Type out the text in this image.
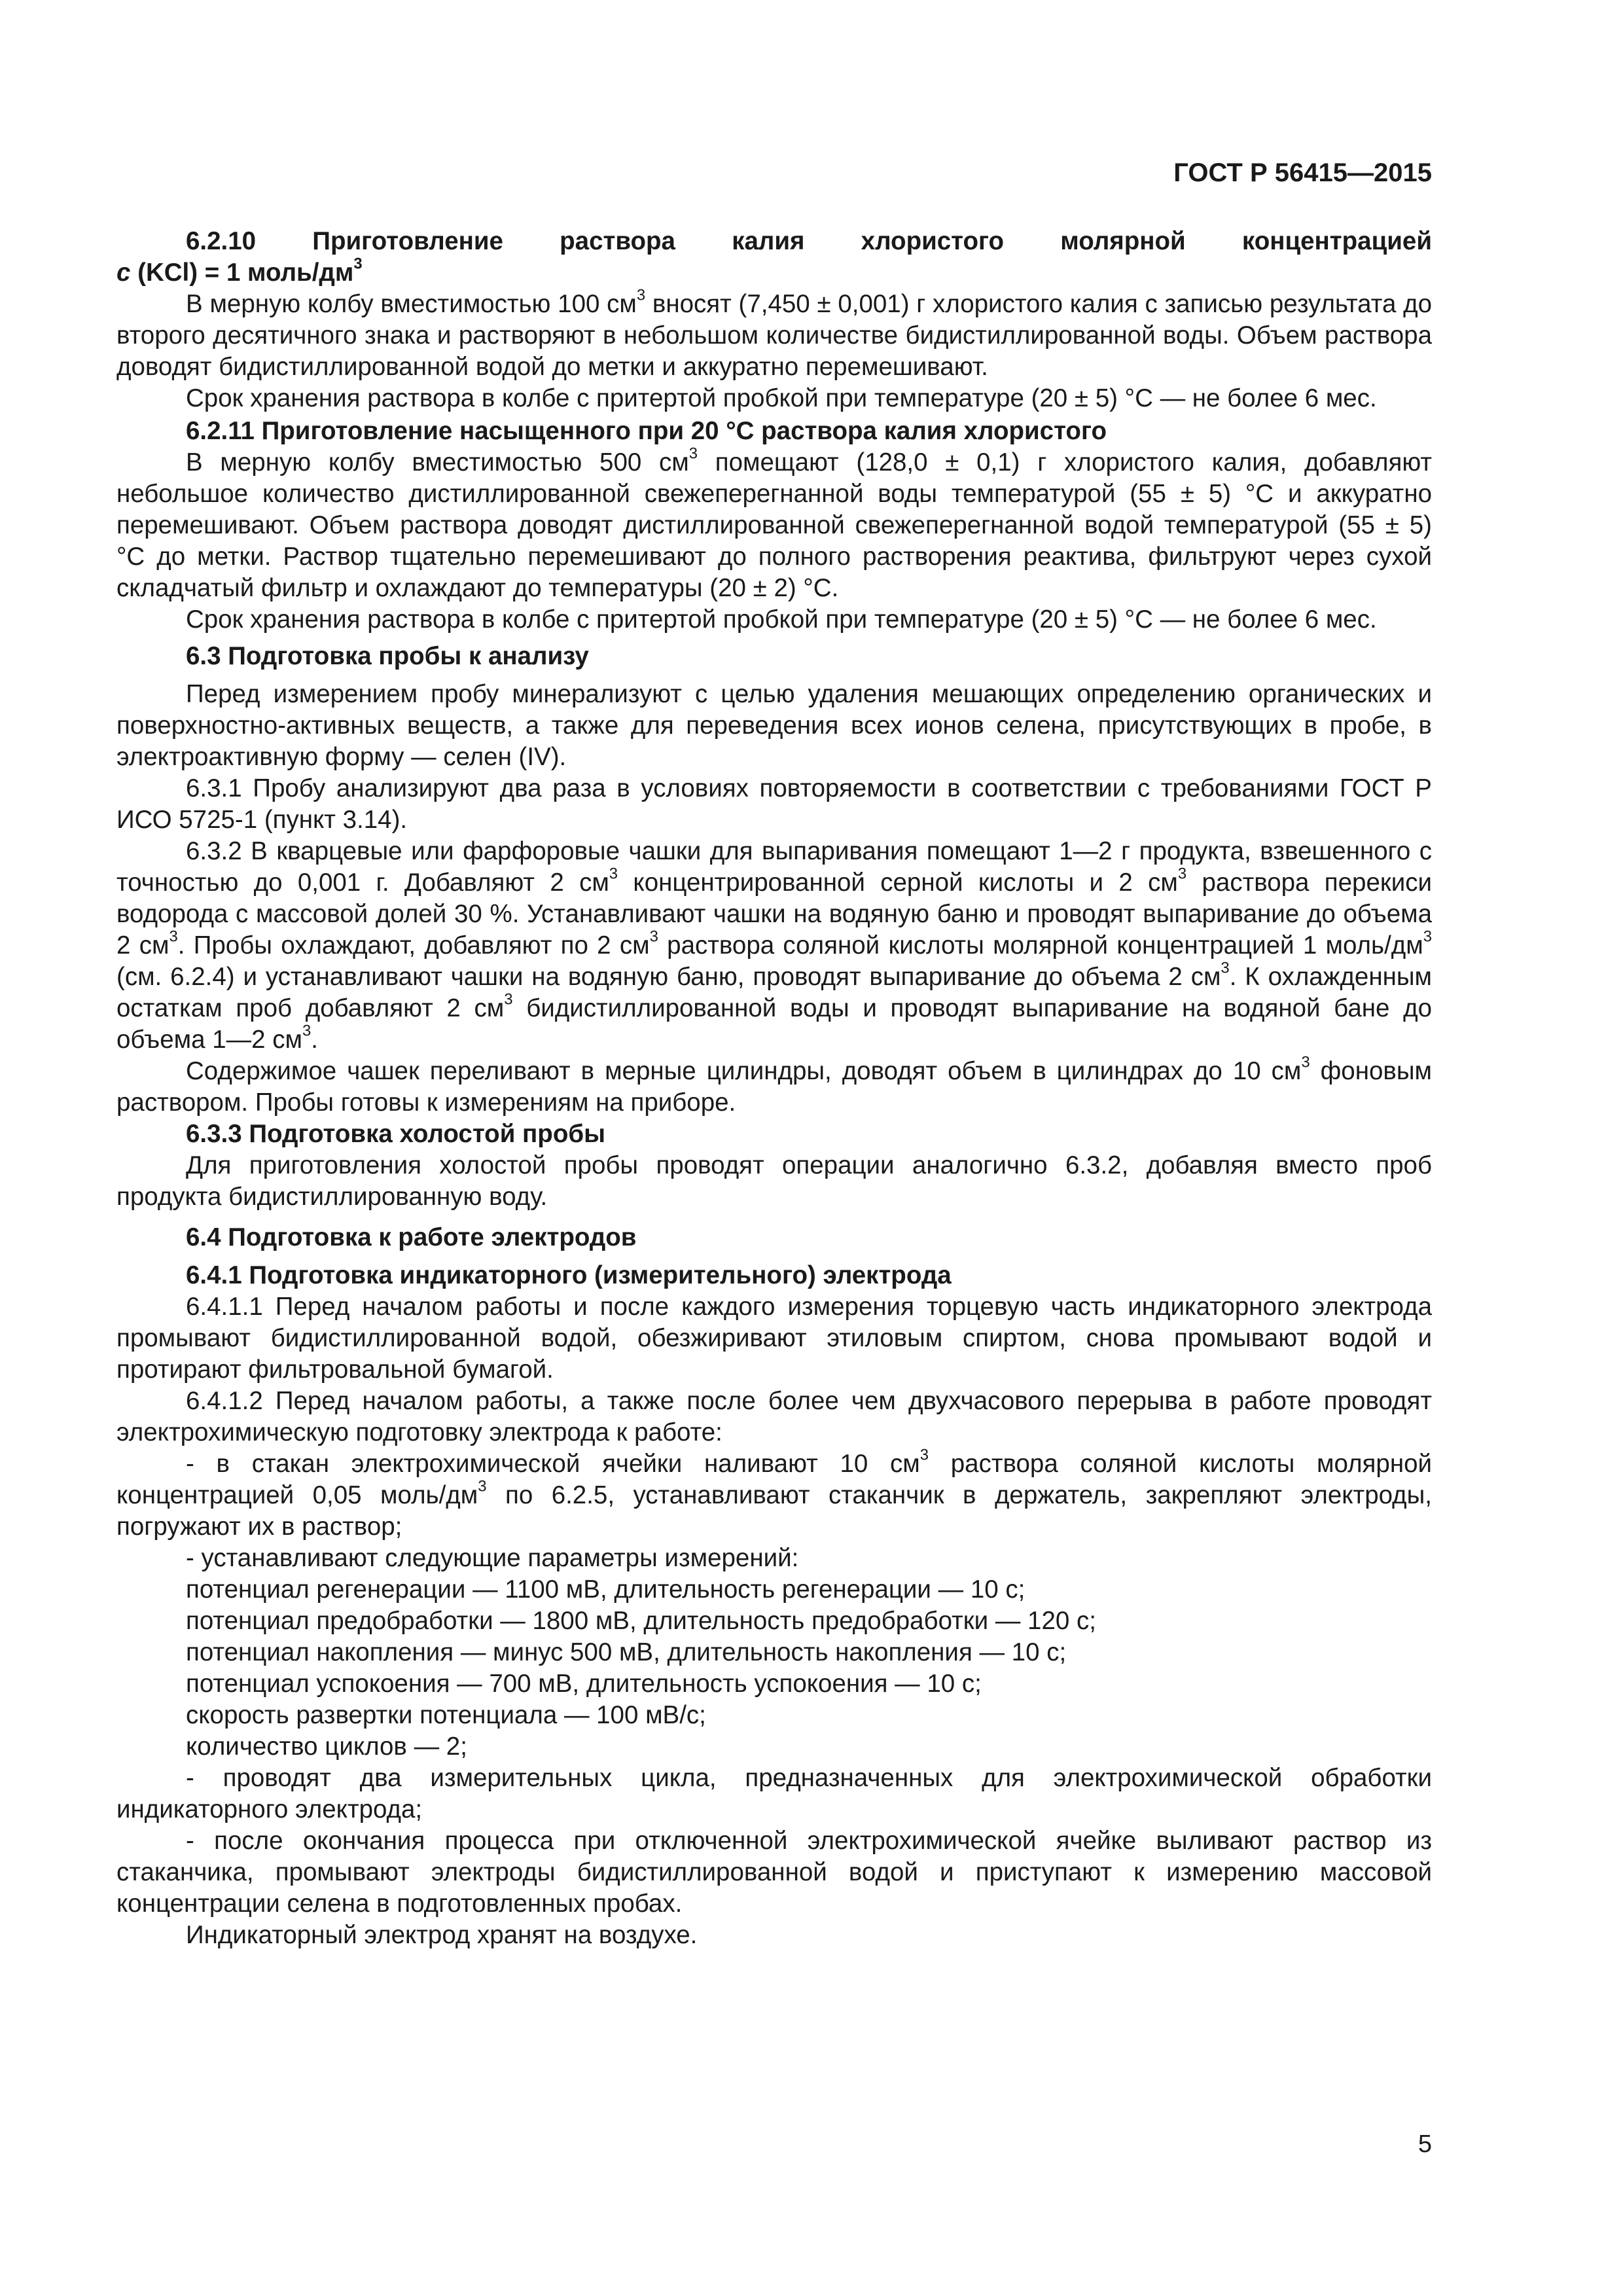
ГОСТ Р 56415—2015

6.2.10 Приготовление раствора калия хлористого молярной концентрацией

c (KCl) = 1 моль/$дм^3$

В мерную колбу вместимостью 100 $см^3$ вносят (7,450 ± 0,001) г хлористого калия с записью результата до второго десятичного знака и растворяют в небольшом количестве бидистиллированной воды. Объем раствора доводят бидистиллированной водой до метки и аккуратно перемешивают.

Срок хранения раствора в колбе с притертой пробкой при температуре (20 ± 5) °С — не более 6 мес.

6.2.11 Приготовление насыщенного при 20 °С раствора калия хлористого

В мерную колбу вместимостью 500 $см^3$ помещают (128,0 ± 0,1) г хлористого калия, добавляют небольшое количество дистиллированной свежеперегнанной воды температурой (55 ± 5) °С и аккуратно перемешивают. Объем раствора доводят дистиллированной свежеперегнанной водой температурой (55 ± 5) °С до метки. Раствор тщательно перемешивают до полного растворения реактива, фильтруют через сухой складчатый фильтр и охлаждают до температуры (20 ± 2) °С.

Срок хранения раствора в колбе с притертой пробкой при температуре (20 ± 5) °С — не более 6 мес.

6.3 Подготовка пробы к анализу

Перед измерением пробу минерализуют с целью удаления мешающих определению органических и поверхностно-активных веществ, а также для переведения всех ионов селена, присутствующих в пробе, в электроактивную форму — селен (IV).

6.3.1 Пробу анализируют два раза в условиях повторяемости в соответствии с требованиями ГОСТ Р ИСО 5725-1 (пункт 3.14).

6.3.2 В кварцевые или фарфоровые чашки для выпаривания помещают 1—2 г продукта, взвешенного с точностью до 0,001 г. Добавляют 2 $см^3$ концентрированной серной кислоты и 2 $см^3$ раствора перекиси водорода с массовой долей 30 %. Устанавливают чашки на водяную баню и проводят выпаривание до объема 2 $см^3$. Пробы охлаждают, добавляют по 2 $см^3$ раствора соляной кислоты молярной концентрацией 1 моль/$дм^3$ (см. 6.2.4) и устанавливают чашки на водяную баню, проводят выпаривание до объема 2 $см^3$. К охлажденным остаткам проб добавляют 2 $см^3$ бидистиллированной воды и проводят выпаривание на водяной бане до объема 1—2 $см^3$.

Содержимое чашек переливают в мерные цилиндры, доводят объем в цилиндрах до 10 $см^3$ фоновым раствором. Пробы готовы к измерениям на приборе.

6.3.3 Подготовка холостой пробы

Для приготовления холостой пробы проводят операции аналогично 6.3.2, добавляя вместо проб продукта бидистиллированную воду.

6.4 Подготовка к работе электродов

6.4.1 Подготовка индикаторного (измерительного) электрода

6.4.1.1 Перед началом работы и после каждого измерения торцевую часть индикаторного электрода промывают бидистиллированной водой, обезжиривают этиловым спиртом, снова промывают водой и протирают фильтровальной бумагой.

6.4.1.2 Перед началом работы, а также после более чем двухчасового перерыва в работе проводят электрохимическую подготовку электрода к работе:

- в стакан электрохимической ячейки наливают 10 $см^3$ раствора соляной кислоты молярной концентрацией 0,05 моль/$дм^3$ по 6.2.5, устанавливают стаканчик в держатель, закрепляют электроды, погружают их в раствор;

- устанавливают следующие параметры измерений:

потенциал регенерации — 1100 мВ, длительность регенерации — 10 с;

потенциал предобработки — 1800 мВ, длительность предобработки — 120 с;

потенциал накопления — минус 500 мВ, длительность накопления — 10 с;

потенциал успокоения — 700 мВ, длительность успокоения — 10 с;

скорость развертки потенциала — 100 мВ/с;

количество циклов — 2;

- проводят два измерительных цикла, предназначенных для электрохимической обработки индикаторного электрода;

- после окончания процесса при отключенной электрохимической ячейке выливают раствор из стаканчика, промывают электроды бидистиллированной водой и приступают к измерению массовой концентрации селена в подготовленных пробах.

Индикаторный электрод хранят на воздухе.

5
